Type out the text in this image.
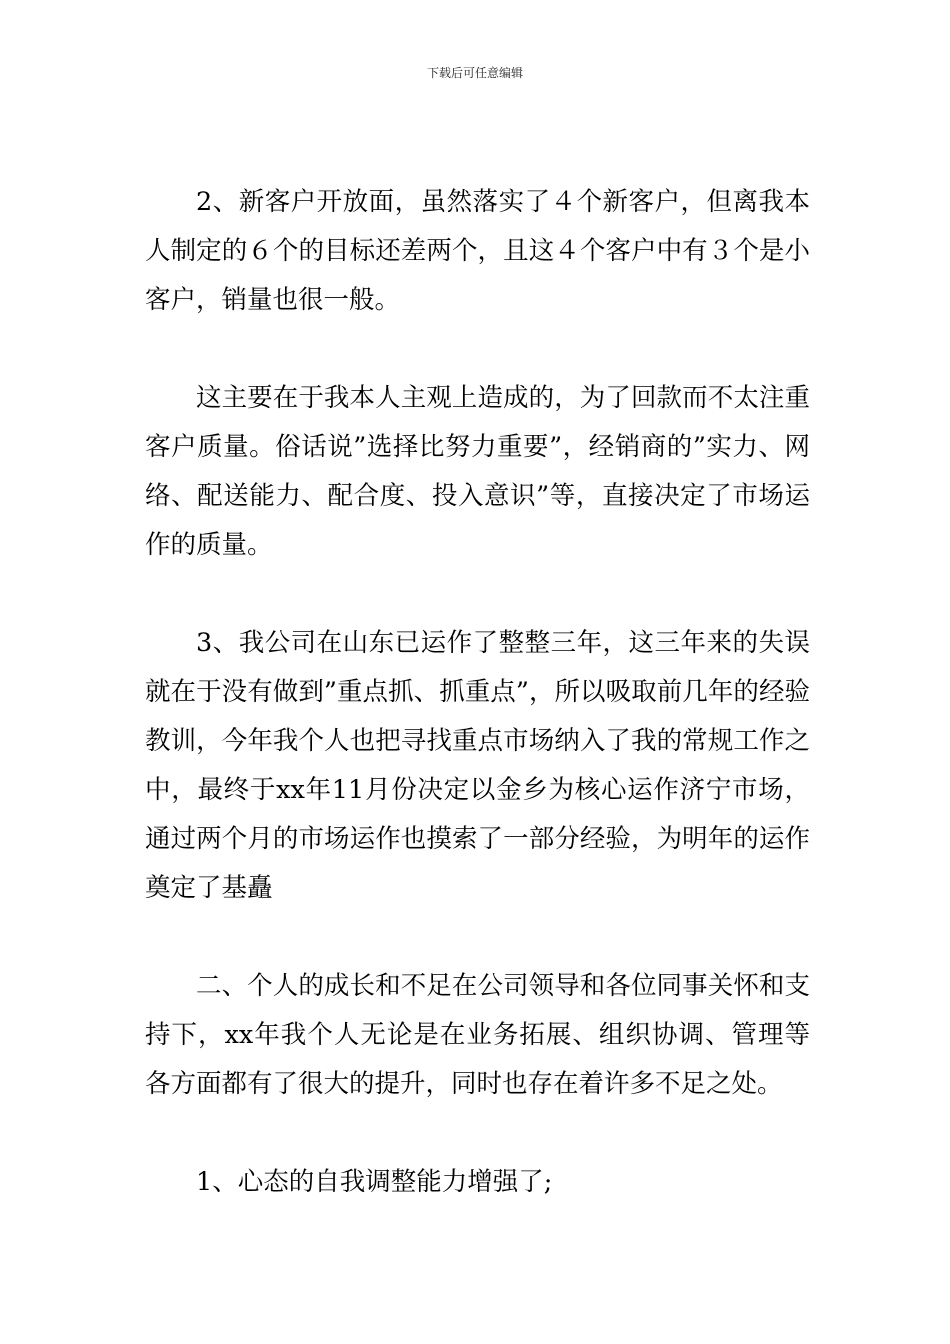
下载后可任意编辑

2、新客户开放面，虽然落实了４个新客户，但离我本人制定的６个的目标还差两个，且这４个客户中有３个是小客户，销量也很一般。

这主要在于我本人主观上造成的，为了回款而不太注重客户质量。俗话说”选择比努力重要”，经销商的”实力、网络、配送能力、配合度、投入意识”等，直接决定了市场运作的质量。

3、我公司在山东已运作了整整三年，这三年来的失误就在于没有做到”重点抓、抓重点”，所以吸取前几年的经验教训，今年我个人也把寻找重点市场纳入了我的常规工作之中，最终于xx年11月份决定以金乡为核心运作济宁市场，通过两个月的市场运作也摸索了一部分经验，为明年的运作奠定了基矗

二、个人的成长和不足在公司领导和各位同事关怀和支持下，xx年我个人无论是在业务拓展、组织协调、管理等各方面都有了很大的提升，同时也存在着许多不足之处。

1、心态的自我调整能力增强了;
